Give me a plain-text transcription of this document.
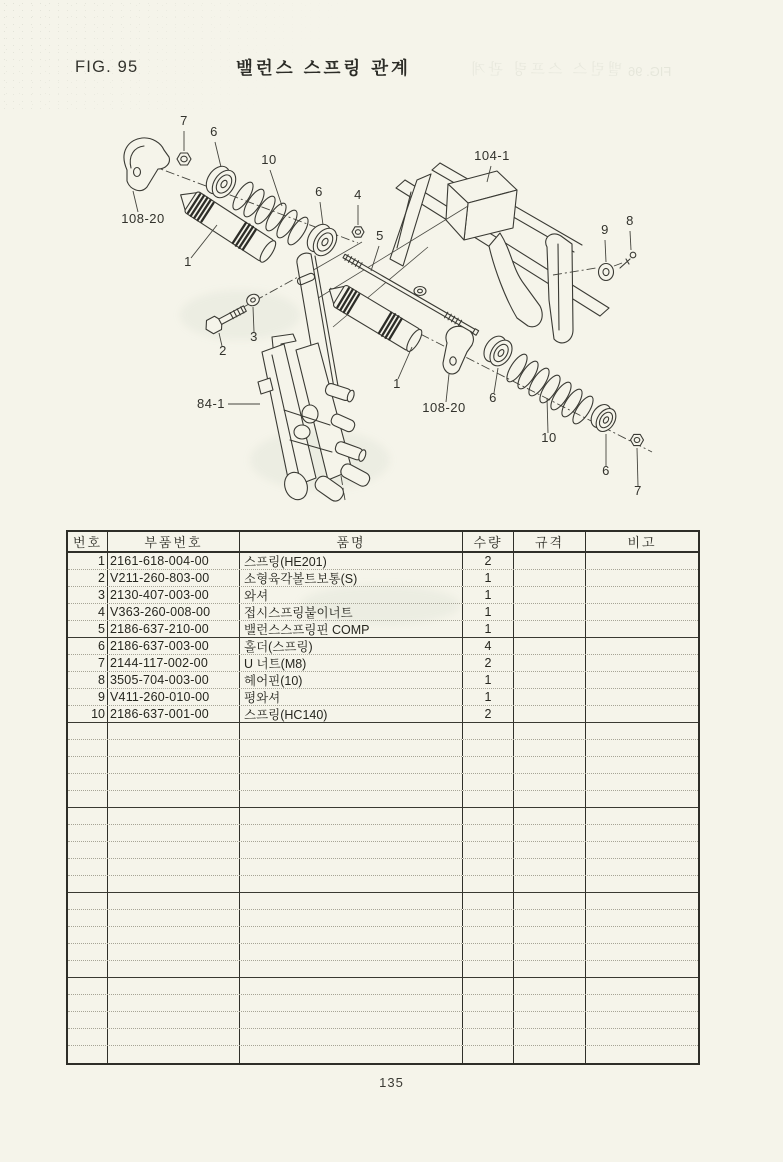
FIG. 95	밸런스 스프링 관계	밸런스 스프링 관계 FIG. 96
7
6
10
6 4
5
104-1
9
8
108-20
1
2
3
84-1
1
108-20
6
10
6
7
번호	부품번호	품명	수량	규격	비고
1 2161-618-004-00	스프링(HE201)	2
2 V211-260-803-00	소형육각볼트보통(S)	1
3 2130-407-003-00	와셔	1
4 V363-260-008-00	접시스프링붙이너트	1
5 2186-637-210-00	밸런스스프링핀 COMP	1
6 2186-637-003-00	홀더(스프링)	4
7 2144-117-002-00	U 너트(M8)	2
8 3505-704-003-00	헤어핀(10)	1
9 V411-260-010-00	평와셔	1
10 2186-637-001-00	스프링(HC140)	2
135
